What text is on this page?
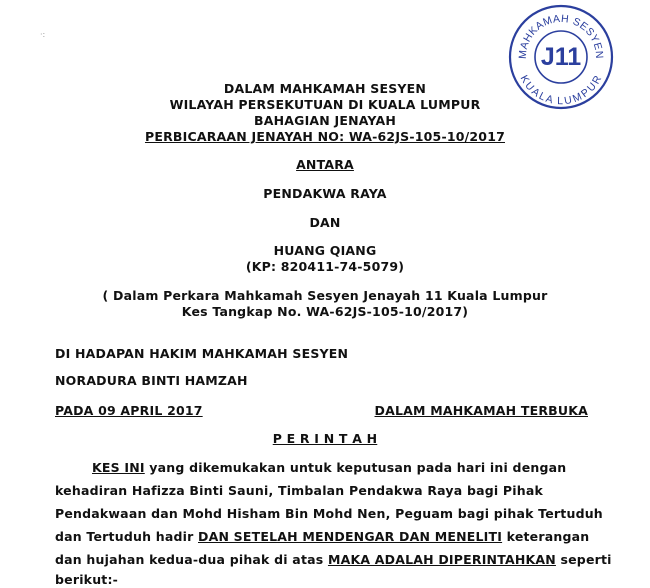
·:
MAHKAMAH SESYEN
J11
KUALA LUMPUR
DALAM MAHKAMAH SESYEN
WILAYAH PERSEKUTUAN DI KUALA LUMPUR
BAHAGIAN JENAYAH
PERBICARAAN JENAYAH NO: WA-62JS-105-10/2017
ANTARA
PENDAKWA RAYA
DAN
HUANG QIANG
(KP: 820411-74-5079)
( Dalam Perkara Mahkamah Sesyen Jenayah 11 Kuala Lumpur
Kes Tangkap No. WA-62JS-105-10/2017)
DI HADAPAN HAKIM MAHKAMAH SESYEN
NORADURA BINTI HAMZAH
PADA 09 APRIL 2017	DALAM MAHKAMAH TERBUKA
P E R I N T A H
KES INI yang dikemukakan untuk keputusan pada hari ini dengan
kehadiran Hafizza Binti Sauni, Timbalan Pendakwa Raya bagi Pihak
Pendakwaan dan Mohd Hisham Bin Mohd Nen, Peguam bagi pihak Tertuduh
dan Tertuduh hadir DAN SETELAH MENDENGAR DAN MENELITI keterangan
dan hujahan kedua-dua pihak di atas MAKA ADALAH DIPERINTAHKAN seperti
berikut:-
